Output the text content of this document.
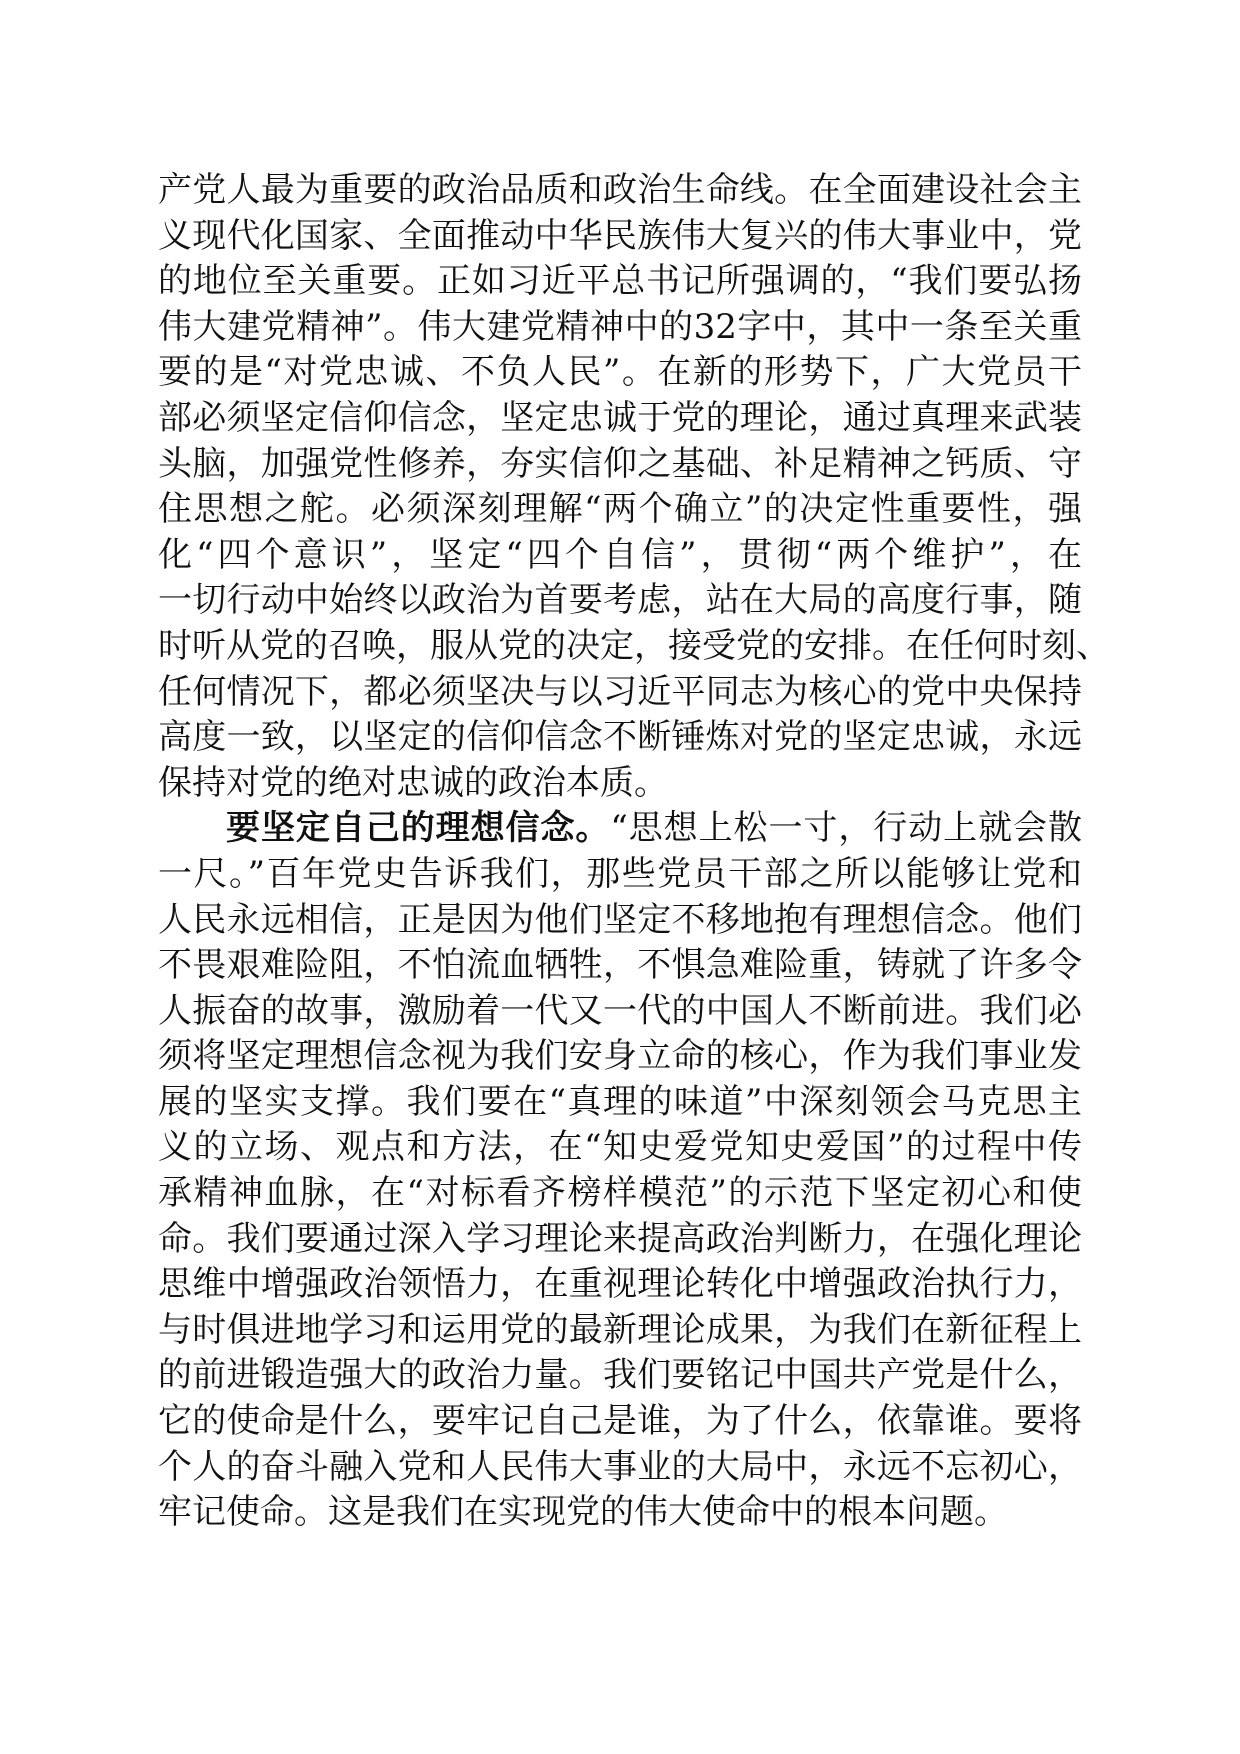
产党人最为重要的政治品质和政治生命线。在全面建设社会主
义现代化国家、全面推动中华民族伟大复兴的伟大事业中，党
的地位至关重要。正如习近平总书记所强调的，“我们要弘扬
伟大建党精神”。伟大建党精神中的32字中，其中一条至关重
要的是“对党忠诚、不负人民”。在新的形势下，广大党员干
部必须坚定信仰信念，坚定忠诚于党的理论，通过真理来武装
头脑，加强党性修养，夯实信仰之基础、补足精神之钙质、守
住思想之舵。必须深刻理解“两个确立”的决定性重要性，强
化“四个意识”，坚定“四个自信”，贯彻“两个维护”，在
一切行动中始终以政治为首要考虑，站在大局的高度行事，随
时听从党的召唤，服从党的决定，接受党的安排。在任何时刻、
任何情况下，都必须坚决与以习近平同志为核心的党中央保持
高度一致，以坚定的信仰信念不断锤炼对党的坚定忠诚，永远
保持对党的绝对忠诚的政治本质。
要坚定自己的理想信念。“思想上松一寸，行动上就会散
一尺。”百年党史告诉我们，那些党员干部之所以能够让党和
人民永远相信，正是因为他们坚定不移地抱有理想信念。他们
不畏艰难险阻，不怕流血牺牲，不惧急难险重，铸就了许多令
人振奋的故事，激励着一代又一代的中国人不断前进。我们必
须将坚定理想信念视为我们安身立命的核心，作为我们事业发
展的坚实支撑。我们要在“真理的味道”中深刻领会马克思主
义的立场、观点和方法，在“知史爱党知史爱国”的过程中传
承精神血脉，在“对标看齐榜样模范”的示范下坚定初心和使
命。我们要通过深入学习理论来提高政治判断力，在强化理论
思维中增强政治领悟力，在重视理论转化中增强政治执行力，
与时俱进地学习和运用党的最新理论成果，为我们在新征程上
的前进锻造强大的政治力量。我们要铭记中国共产党是什么，
它的使命是什么，要牢记自己是谁，为了什么，依靠谁。要将
个人的奋斗融入党和人民伟大事业的大局中，永远不忘初心，
牢记使命。这是我们在实现党的伟大使命中的根本问题。
